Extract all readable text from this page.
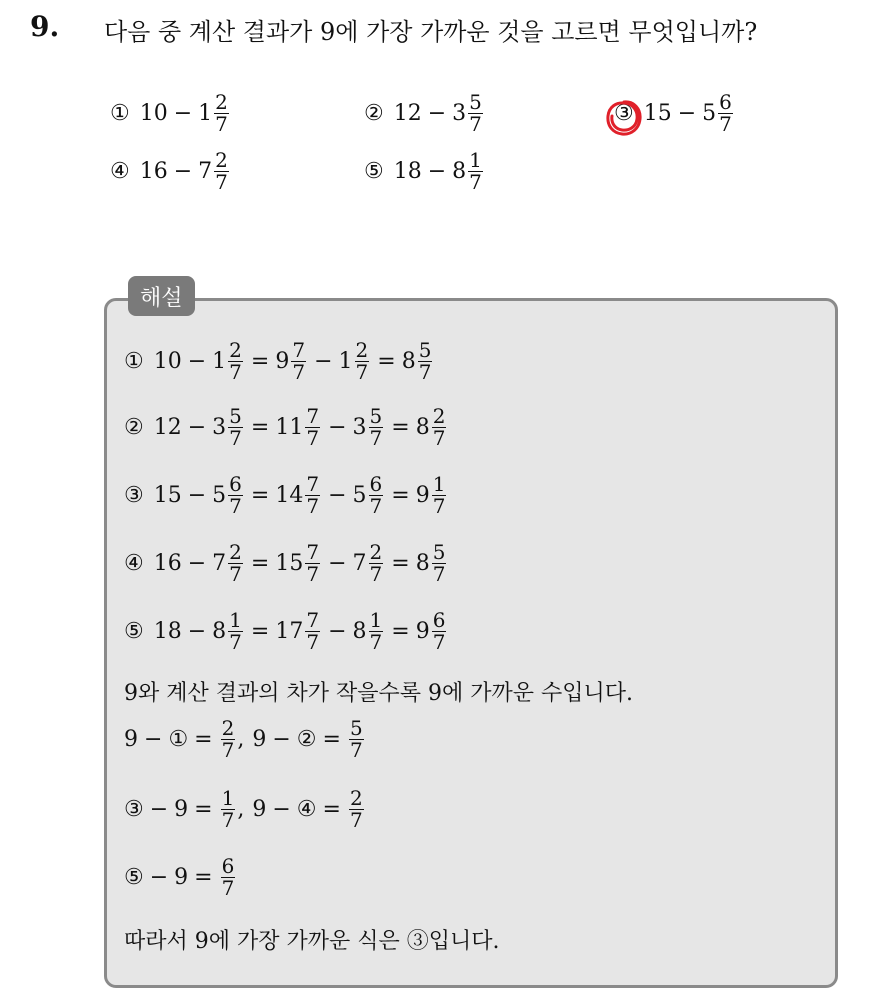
9. 다음 중 계산 결과가 9에 가장 가까운 것을 고르면 무엇입니까?
① $10 - 1 \frac{2}{7}$	② $12 - 3 \frac{5}{7}$	③ $15 - 5 \frac{6}{7}$
④ $16 - 7 \frac{2}{7}$	⑤ $18 - 8 \frac{1}{7}$
해설
① $10 - 1 \frac{2}{7} = 9 \frac{7}{7} - 1 \frac{2}{7} = 8 \frac{5}{7}$
② $12 - 3 \frac{5}{7} = 11 \frac{7}{7} - 3 \frac{5}{7} = 8 \frac{2}{7}$
③ $15 - 5 \frac{6}{7} = 14 \frac{7}{7} - 5 \frac{6}{7} = 9 \frac{1}{7}$
④ $16 - 7 \frac{2}{7} = 15 \frac{7}{7} - 7 \frac{2}{7} = 8 \frac{5}{7}$
⑤ $18 - 8 \frac{1}{7} = 17 \frac{7}{7} - 8 \frac{1}{7} = 9 \frac{6}{7}$
9와 계산 결과의 차가 작을수록 9에 가까운 수입니다.
9 − ① = $\frac{2}{7}$ , 9 − ② = $\frac{5}{7}$
③ − $9 = \frac{1}{7}$ , 9 − ④ = $\frac{2}{7}$
⑤ − $9 = \frac{6}{7}$
따라서 9에 가장 가까운 식은 ③입니다.
